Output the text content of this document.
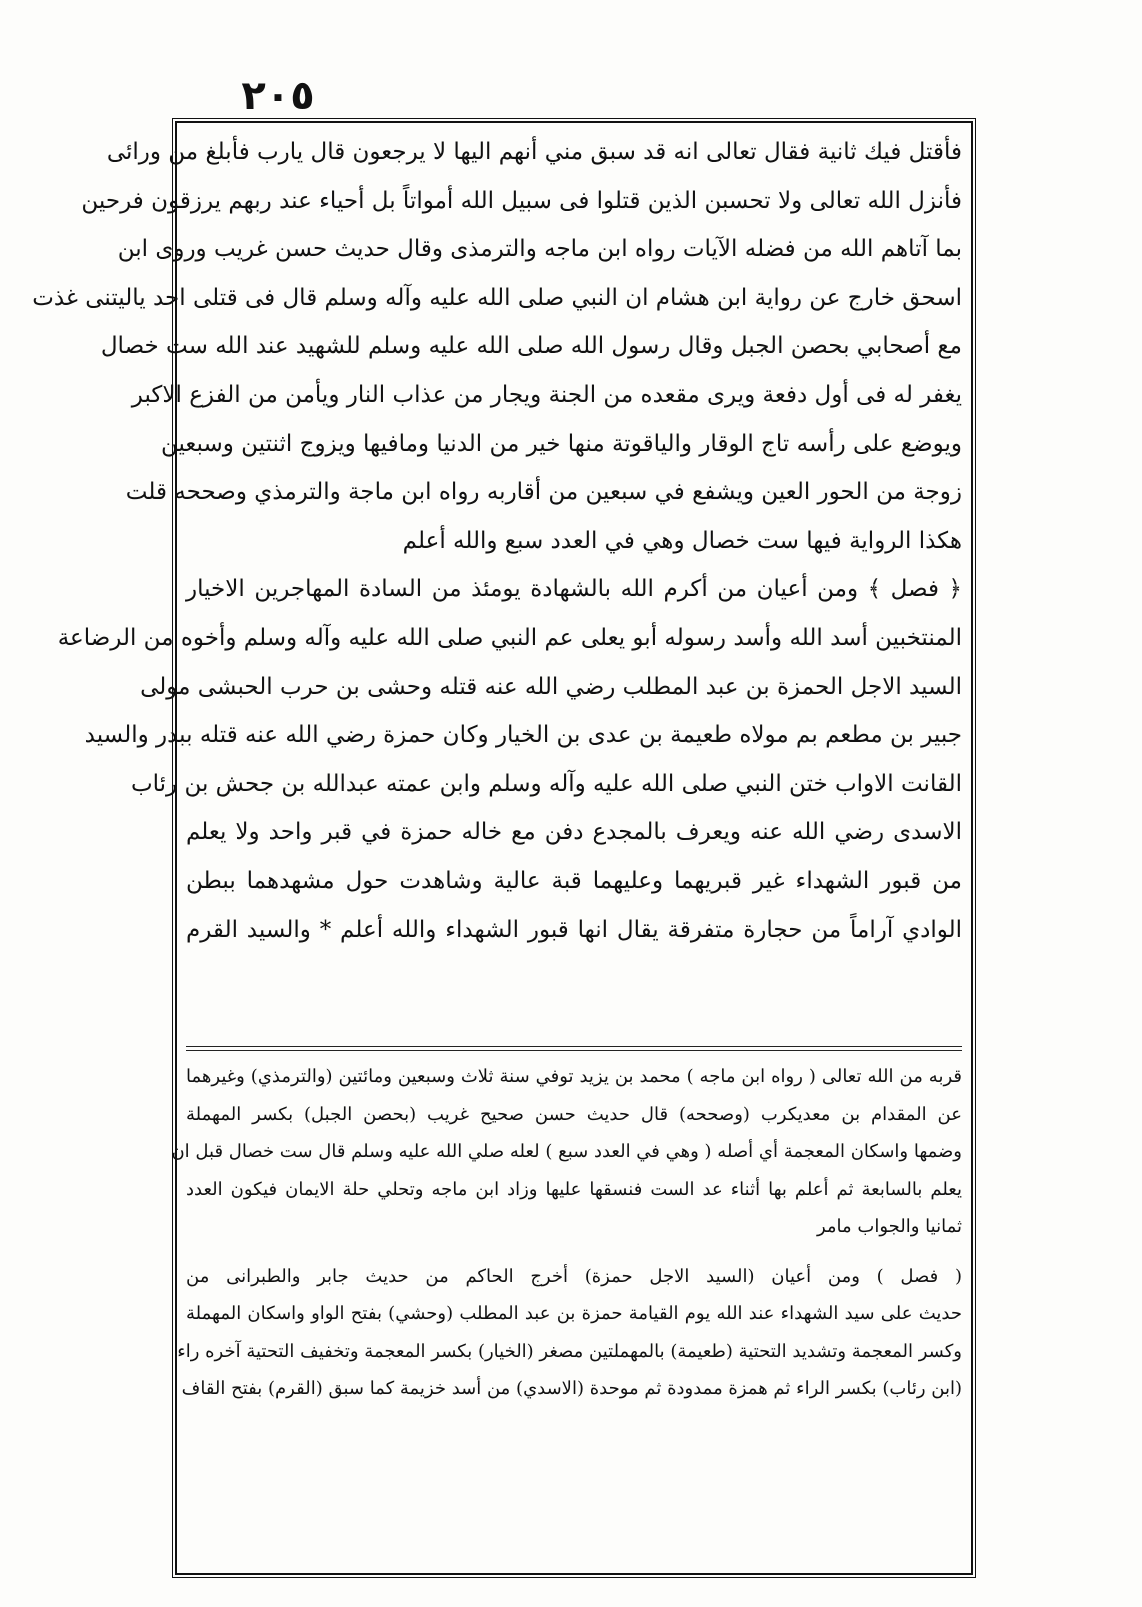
٢٠٥
فأقتل فيك ثانية فقال تعالى انه قد سبق مني أنهم اليها لا يرجعون قال يارب فأبلغ من ورائى
فأنزل الله تعالى ولا تحسبن الذين قتلوا فى سبيل الله أمواتاً بل أحياء عند ربهم يرزقون فرحين
بما آتاهم الله من فضله الآيات رواه ابن ماجه والترمذى وقال حديث حسن غريب وروى ابن
اسحق خارج عن رواية ابن هشام ان النبي صلى الله عليه وآله وسلم قال فى قتلى احد ياليتنى غذت
مع أصحابي بحصن الجبل وقال رسول الله صلى الله عليه وسلم للشهيد عند الله ست خصال
يغفر له فى أول دفعة ويرى مقعده من الجنة ويجار من عذاب النار ويأمن من الفزع الاكبر
ويوضع على رأسه تاج الوقار والياقوتة منها خير من الدنيا ومافيها ويزوج اثنتين وسبعين
زوجة من الحور العين ويشفع في سبعين من أقاربه رواه ابن ماجة والترمذي وصححه قلت
هكذا الرواية فيها ست خصال وهي في العدد سبع والله أعلم
﴿ فصل ﴾ ومن أعيان من أكرم الله بالشهادة يومئذ من السادة المهاجرين الاخيار
المنتخبين أسد الله وأسد رسوله أبو يعلى عم النبي صلى الله عليه وآله وسلم وأخوه من الرضاعة
السيد الاجل الحمزة بن عبد المطلب رضي الله عنه قتله وحشى بن حرب الحبشى مولى
جبير بن مطعم بم مولاه طعيمة بن عدى بن الخيار وكان حمزة رضي الله عنه قتله ببدر والسيد
القانت الاواب ختن النبي صلى الله عليه وآله وسلم وابن عمته عبدالله بن جحش بن رئاب
الاسدى رضي الله عنه ويعرف بالمجدع دفن مع خاله حمزة في قبر واحد ولا يعلم
من قبور الشهداء غير قبريهما وعليهما قبة عالية وشاهدت حول مشهدهما ببطن
الوادي آراماً من حجارة متفرقة يقال انها قبور الشهداء والله أعلم * والسيد القرم
قربه من الله تعالى ( رواه ابن ماجه ) محمد بن يزيد توفي سنة ثلاث وسبعين ومائتين (والترمذي) وغيرهما
عن المقدام بن معديكرب (وصححه) قال حديث حسن صحيح غريب (بحصن الجبل) بكسر المهملة
وضمها واسكان المعجمة أي أصله ( وهي في العدد سبع ) لعله صلي الله عليه وسلم قال ست خصال قبل ان
يعلم بالسابعة ثم أعلم بها أثناء عد الست فنسقها عليها وزاد ابن ماجه وتحلي حلة الايمان فيكون العدد
ثمانيا والجواب مامر
( فصل ) ومن أعيان (السيد الاجل حمزة) أخرج الحاكم من حديث جابر والطبرانى من
حديث على سيد الشهداء عند الله يوم القيامة حمزة بن عبد المطلب (وحشي) بفتح الواو واسكان المهملة
وكسر المعجمة وتشديد التحتية (طعيمة) بالمهملتين مصغر (الخيار) بكسر المعجمة وتخفيف التحتية آخره راء
(ابن رئاب) بكسر الراء ثم همزة ممدودة ثم موحدة (الاسدي) من أسد خزيمة كما سبق (القرم) بفتح القاف
